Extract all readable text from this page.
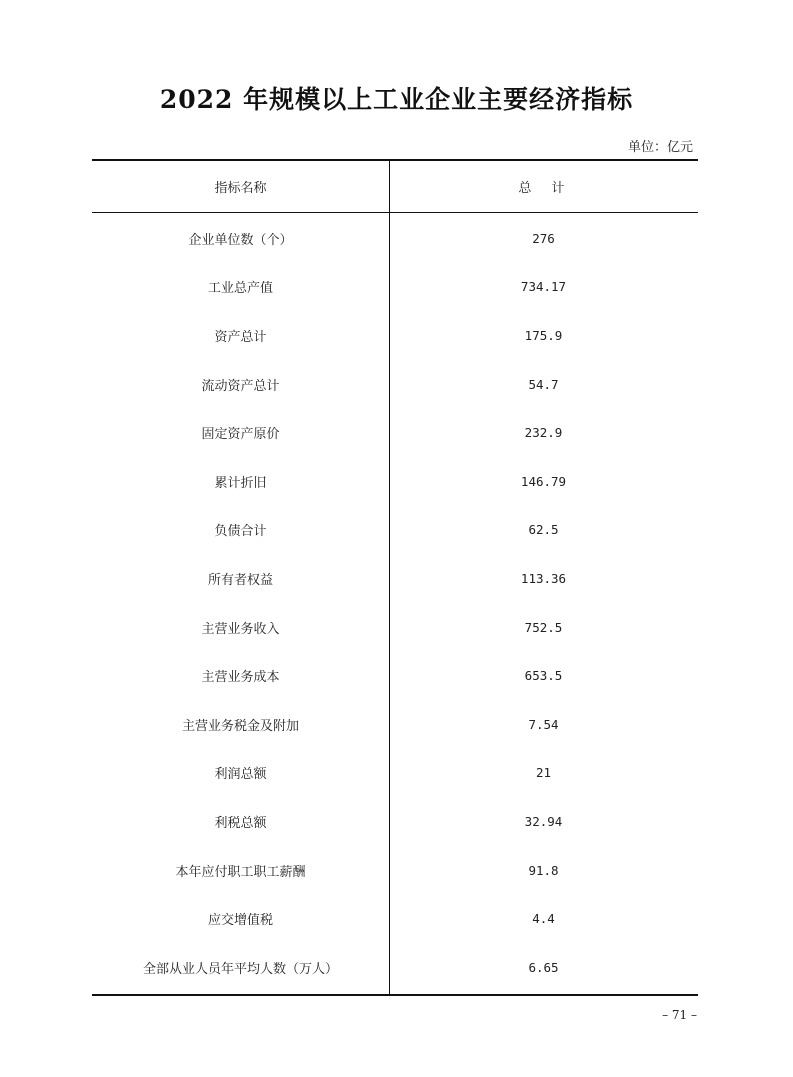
2022 年规模以上工业企业主要经济指标
单位：亿元
指标名称	总 计
企业单位数（个）	276
工业总产值	734.17
资产总计	175.9
流动资产总计	54.7
固定资产原价	232.9
累计折旧	146.79
负债合计	62.5
所有者权益	113.36
主营业务收入	752.5
主营业务成本	653.5
主营业务税金及附加	7.54
利润总额	21
利税总额	32.94
本年应付职工职工薪酬	91.8
应交增值税	4.4
全部从业人员年平均人数（万人）	6.65
– 71 –
